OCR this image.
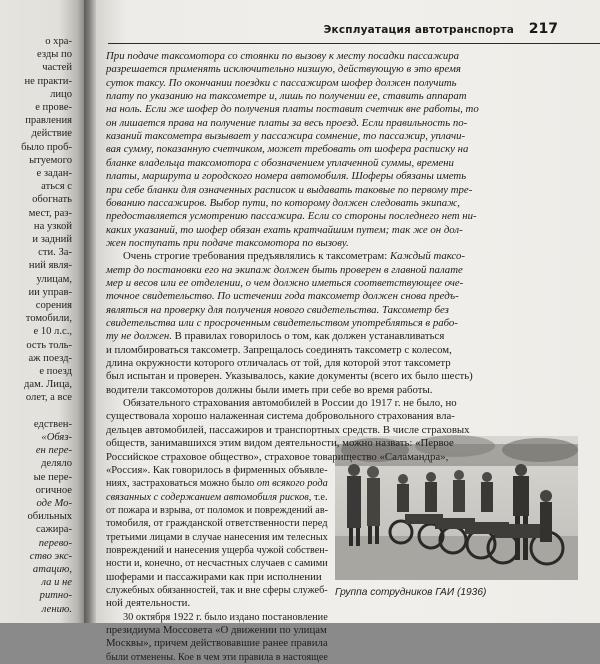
о хра-
езды по
частей
не практи-
лицо
е прове-
правления
действие
было проб-
ытуемого
е задан-
аться с
обогнать
мест, раз-
на узкой
и задний
сти. За-
ний явля-
улицам,
ии управ-
сорения
томобили,
е 10 л.с.,
ость толь-
аж поезд-
е поезд
дам. Лица,
олет, а все
едствен-
«Обяз-
ен пере-
деляло
ые пере-
огичное
оде Мо-
обильных
сажира-
перево-
ство экс-
атацию,
ла и не
ритно-
лению.
Эксплуатация автотранспорта 217
Группа сотрудников ГАИ (1936)
При подаче таксомотора со стоянки по вызову к месту посадки пассажира
разрешается применять исключительно низшую, действующую в это время
суток таксу. По окончании поездки с пассажиром шофер должен получить
плату по указанию на таксометре и, лишь по получении ее, ставить аппарат
на ноль. Если же шофер до получения платы поставит счетчик вне работы, то
он лишается права на получение платы за весь проезд. Если правильность по-
казаний таксометра вызывает у пассажира сомнение, то пассажир, уплачи-
вая сумму, показанную счетчиком, может требовать от шофера расписку на
бланке владельца таксомотора с обозначением уплаченной суммы, времени
платы, маршрута и городского номера автомобиля. Шоферы обязаны иметь
при себе бланки для означенных расписок и выдавать таковые по первому тре-
бованию пассажиров. Выбор пути, по которому должен следовать экипаж,
предоставляется усмотрению пассажира. Если со стороны последнего нет ни-
каких указаний, то шофер обязан ехать кратчайшим путем; так же он дол-
жен поступать при подаче таксомотора по вызову.
Очень строгие требования предъявлялись к таксометрам: Каждый таксо-
метр до постановки его на экипаж должен быть проверен в главной палате
мер и весов или ее отделении, о чем должно иметься соответствующее оче-
точное свидетельство. По истечении года таксометр должен снова предъ-
являться на проверку для получения нового свидетельства. Таксометр без
свидетельства или с просроченным свидетельством употребляться в рабо-
ту не должен. В правилах говорилось о том, как должен устанавливаться
и пломбироваться таксометр. Запрещалось соединять таксометр с колесом,
длина окружности которого отличалась от той, для которой этот таксометр
был испытан и проверен. Указывалось, какие документы (всего их было шесть)
водители таксомоторов должны были иметь при себе во время работы.
Обязательного страхования автомобилей в России до 1917 г. не было, но
существовала хорошо налаженная система добровольного страхования вла-
дельцев автомобилей, пассажиров и транспортных средств. В числе страховых
обществ, занимавшихся этим видом деятельности, можно назвать: «Первое
Российское страховое общество», страховое товарищество «Саламандра»,
«Россия». Как говорилось в фирменных объявле-
ниях, застраховаться можно было от всякого рода
связанных с содержанием автомобиля рисков, т.е.
от пожара и взрыва, от поломок и повреждений ав-
томобиля, от гражданской ответственности перед
третьими лицами в случае нанесения им телесных
повреждений и нанесения ущерба чужой собствен-
ности и, конечно, от несчастных случаев с самими
шоферами и пассажирами как при исполнении
служебных обязанностей, так и вне сферы служеб-
ной деятельности.
30 октября 1922 г. было издано постановление
президиума Моссовета «О движении по улицам
Москвы», причем действовавшие ранее правила
были отменены. Кое в чем эти правила в настоящее
